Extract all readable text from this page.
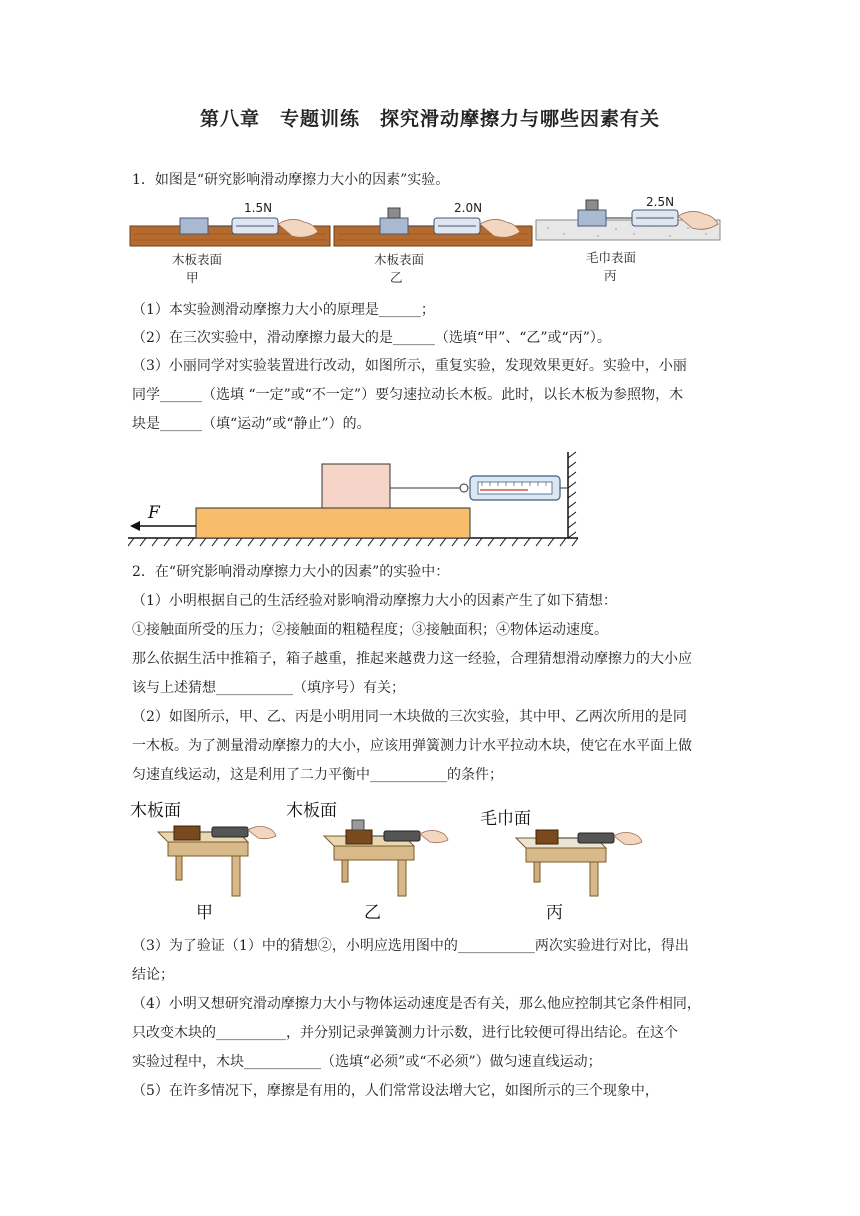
第八章　专题训练　探究滑动摩擦力与哪些因素有关
1．如图是“研究影响滑动摩擦力大小的因素”实验。
1.5N
木板表面
甲
2.0N
木板表面
乙
2.5N
毛巾表面
丙
（1）本实验测滑动摩擦力大小的原理是______；
（2）在三次实验中，滑动摩擦力最大的是______（选填“甲”、“乙”或“丙”）。
（3）小丽同学对实验装置进行改动，如图所示，重复实验，发现效果更好。实验中，小丽
同学______（选填 “一定”或“不一定”）要匀速拉动长木板。此时，以长木板为参照物，木
块是______（填“运动”或“静止”）的。
F
2．在“研究影响滑动摩擦力大小的因素”的实验中：
（1）小明根据自己的生活经验对影响滑动摩擦力大小的因素产生了如下猜想：
①接触面所受的压力；②接触面的粗糙程度；③接触面积；④物体运动速度。
那么依据生活中推箱子，箱子越重，推起来越费力这一经验，合理猜想滑动摩擦力的大小应
该与上述猜想___________（填序号）有关；
（2）如图所示，甲、乙、丙是小明用同一木块做的三次实验，其中甲、乙两次所用的是同
一木板。为了测量滑动摩擦力的大小，应该用弹簧测力计水平拉动木块，使它在水平面上做
匀速直线运动，这是利用了二力平衡中___________的条件；
木板面
甲
木板面
乙
毛巾面
丙
（3）为了验证（1）中的猜想②，小明应选用图中的___________两次实验进行对比，得出
结论；
（4）小明又想研究滑动摩擦力大小与物体运动速度是否有关，那么他应控制其它条件相同，
只改变木块的__________，并分别记录弹簧测力计示数，进行比较便可得出结论。在这个
实验过程中，木块___________（选填“必须”或“不必须”）做匀速直线运动；
（5）在许多情况下，摩擦是有用的，人们常常设法增大它，如图所示的三个现象中，
